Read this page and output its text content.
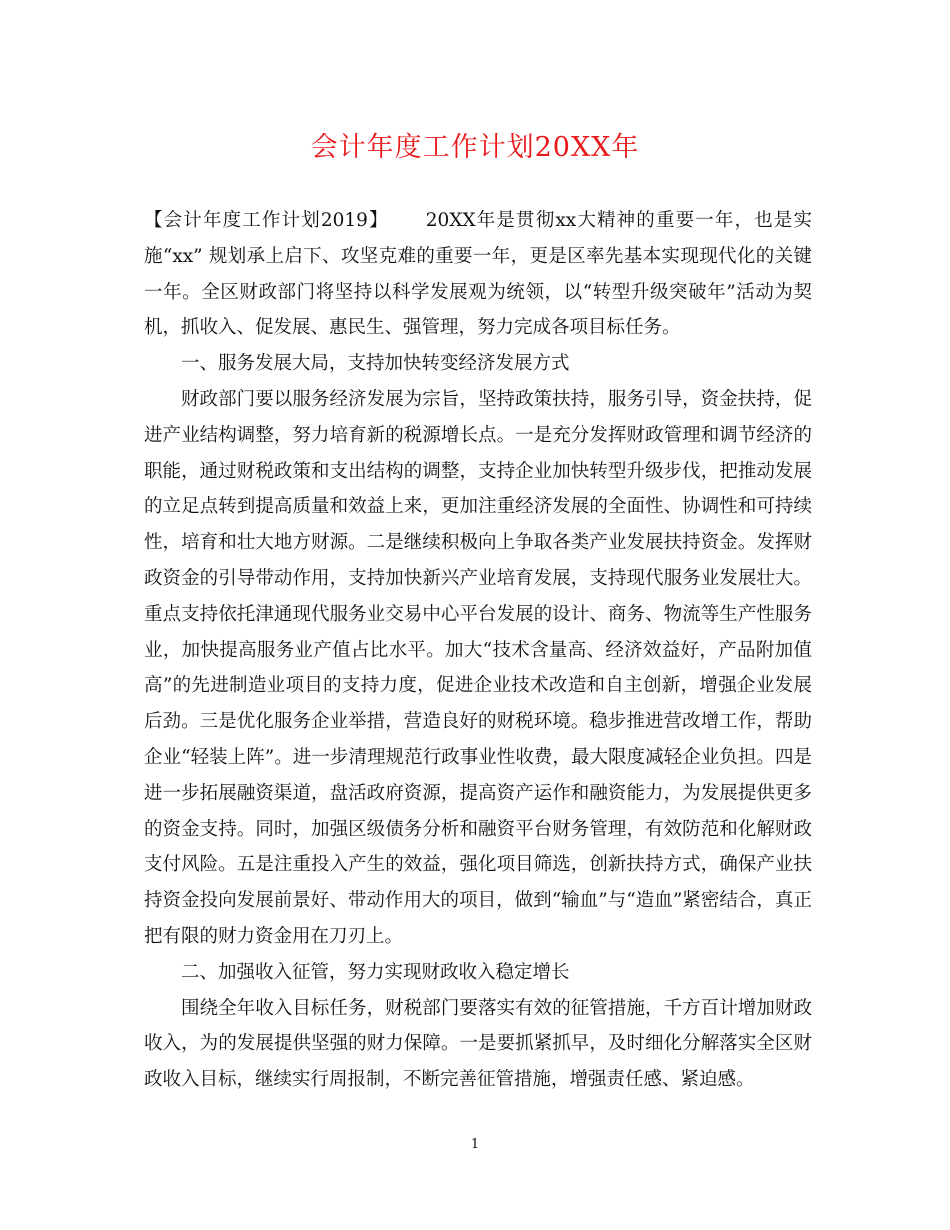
会计年度工作计划20XX年

【会计年度工作计划2019】 20XX年是贯彻xx大精神的重要一年，也是实施“xx” 规划承上启下、攻坚克难的重要一年，更是区率先基本实现现代化的关键一年。全区财政部门将坚持以科学发展观为统领，以“转型升级突破年”活动为契机，抓收入、促发展、惠民生、强管理，努力完成各项目标任务。

一、服务发展大局，支持加快转变经济发展方式

财政部门要以服务经济发展为宗旨，坚持政策扶持，服务引导，资金扶持，促进产业结构调整，努力培育新的税源增长点。一是充分发挥财政管理和调节经济的职能，通过财税政策和支出结构的调整，支持企业加快转型升级步伐，把推动发展的立足点转到提高质量和效益上来，更加注重经济发展的全面性、协调性和可持续性，培育和壮大地方财源。二是继续积极向上争取各类产业发展扶持资金。发挥财政资金的引导带动作用，支持加快新兴产业培育发展，支持现代服务业发展壮大。重点支持依托津通现代服务业交易中心平台发展的设计、商务、物流等生产性服务业，加快提高服务业产值占比水平。加大“技术含量高、经济效益好，产品附加值高”的先进制造业项目的支持力度，促进企业技术改造和自主创新，增强企业发展后劲。三是优化服务企业举措，营造良好的财税环境。稳步推进营改增工作，帮助企业“轻装上阵”。进一步清理规范行政事业性收费，最大限度减轻企业负担。四是进一步拓展融资渠道，盘活政府资源，提高资产运作和融资能力，为发展提供更多的资金支持。同时，加强区级债务分析和融资平台财务管理，有效防范和化解财政支付风险。五是注重投入产生的效益，强化项目筛选，创新扶持方式，确保产业扶持资金投向发展前景好、带动作用大的项目，做到“输血”与“造血”紧密结合，真正把有限的财力资金用在刀刃上。

二、加强收入征管，努力实现财政收入稳定增长

围绕全年收入目标任务，财税部门要落实有效的征管措施，千方百计增加财政收入，为的发展提供坚强的财力保障。一是要抓紧抓早，及时细化分解落实全区财政收入目标，继续实行周报制，不断完善征管措施，增强责任感、紧迫感。

1
